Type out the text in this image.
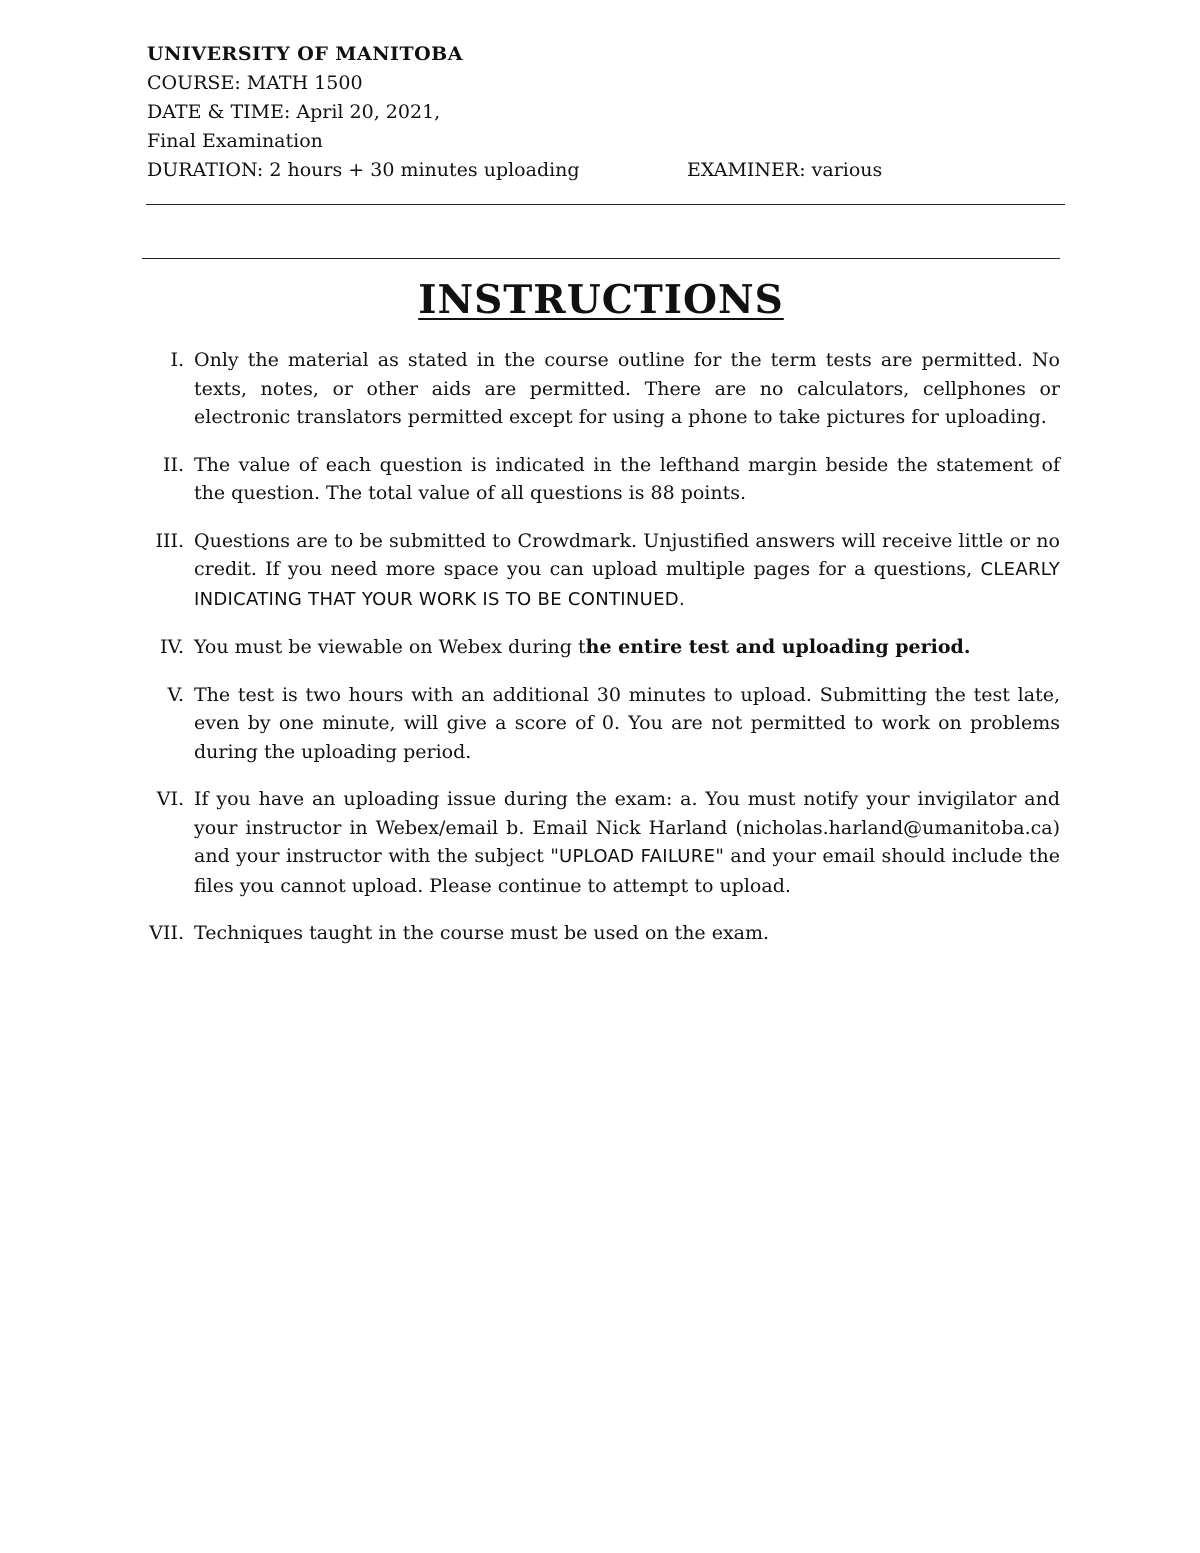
UNIVERSITY OF MANITOBA
COURSE: MATH 1500
DATE & TIME: April 20, 2021,
Final Examination
DURATION: 2 hours + 30 minutes uploading	EXAMINER: various
INSTRUCTIONS
I. Only the material as stated in the course outline for the term tests are permitted. No texts, notes, or other aids are permitted. There are no calculators, cellphones or electronic translators permitted except for using a phone to take pictures for uploading.
II. The value of each question is indicated in the lefthand margin beside the statement of the question. The total value of all questions is 88 points.
III. Questions are to be submitted to Crowdmark. Unjustified answers will receive little or no credit. If you need more space you can upload multiple pages for a questions, CLEARLY INDICATING THAT YOUR WORK IS TO BE CONTINUED.
IV. You must be viewable on Webex during the entire test and uploading period.
V. The test is two hours with an additional 30 minutes to upload. Submitting the test late, even by one minute, will give a score of 0. You are not permitted to work on problems during the uploading period.
VI. If you have an uploading issue during the exam: a. You must notify your invigilator and your instructor in Webex/email b. Email Nick Harland (nicholas.harland@umanitoba.ca) and your instructor with the subject "UPLOAD FAILURE" and your email should include the files you cannot upload. Please continue to attempt to upload.
VII. Techniques taught in the course must be used on the exam.
